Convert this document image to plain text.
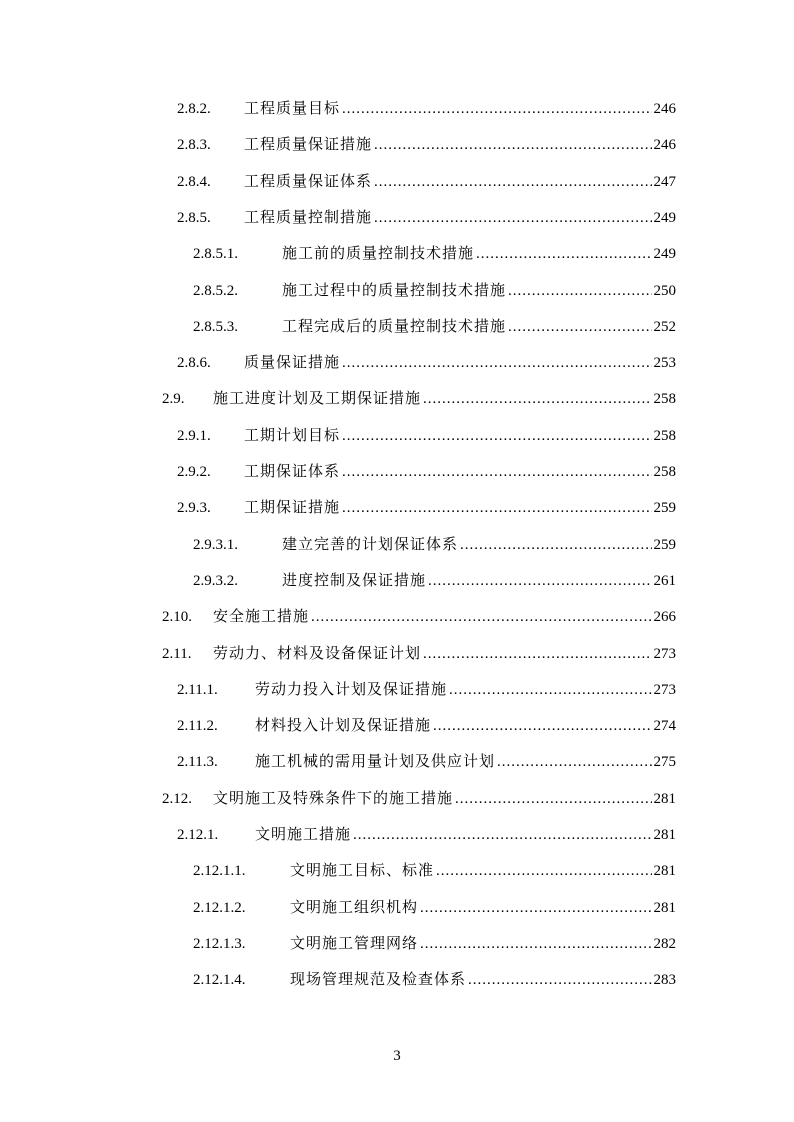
2.8.2.	工程质量目标 .....	246
2.8.3.	工程质量保证措施 .....	246
2.8.4.	工程质量保证体系 .....	247
2.8.5.	工程质量控制措施 .....	249
2.8.5.1.	施工前的质量控制技术措施 .....	249
2.8.5.2.	施工过程中的质量控制技术措施 .....	250
2.8.5.3.	工程完成后的质量控制技术措施 .....	252
2.8.6.	质量保证措施 .....	253
2.9.	施工进度计划及工期保证措施 .....	258
2.9.1.	工期计划目标 .....	258
2.9.2.	工期保证体系 .....	258
2.9.3.	工期保证措施 .....	259
2.9.3.1.	建立完善的计划保证体系 .....	259
2.9.3.2.	进度控制及保证措施 .....	261
2.10.	安全施工措施 .....	266
2.11.	劳动力、材料及设备保证计划 .....	273
2.11.1.	劳动力投入计划及保证措施 .....	273
2.11.2.	材料投入计划及保证措施 .....	274
2.11.3.	施工机械的需用量计划及供应计划 .....	275
2.12.	文明施工及特殊条件下的施工措施 .....	281
2.12.1.	文明施工措施 .....	281
2.12.1.1.	文明施工目标、标准 .....	281
2.12.1.2.	文明施工组织机构 .....	281
2.12.1.3.	文明施工管理网络 .....	282
2.12.1.4.	现场管理规范及检查体系 .....	283
3
